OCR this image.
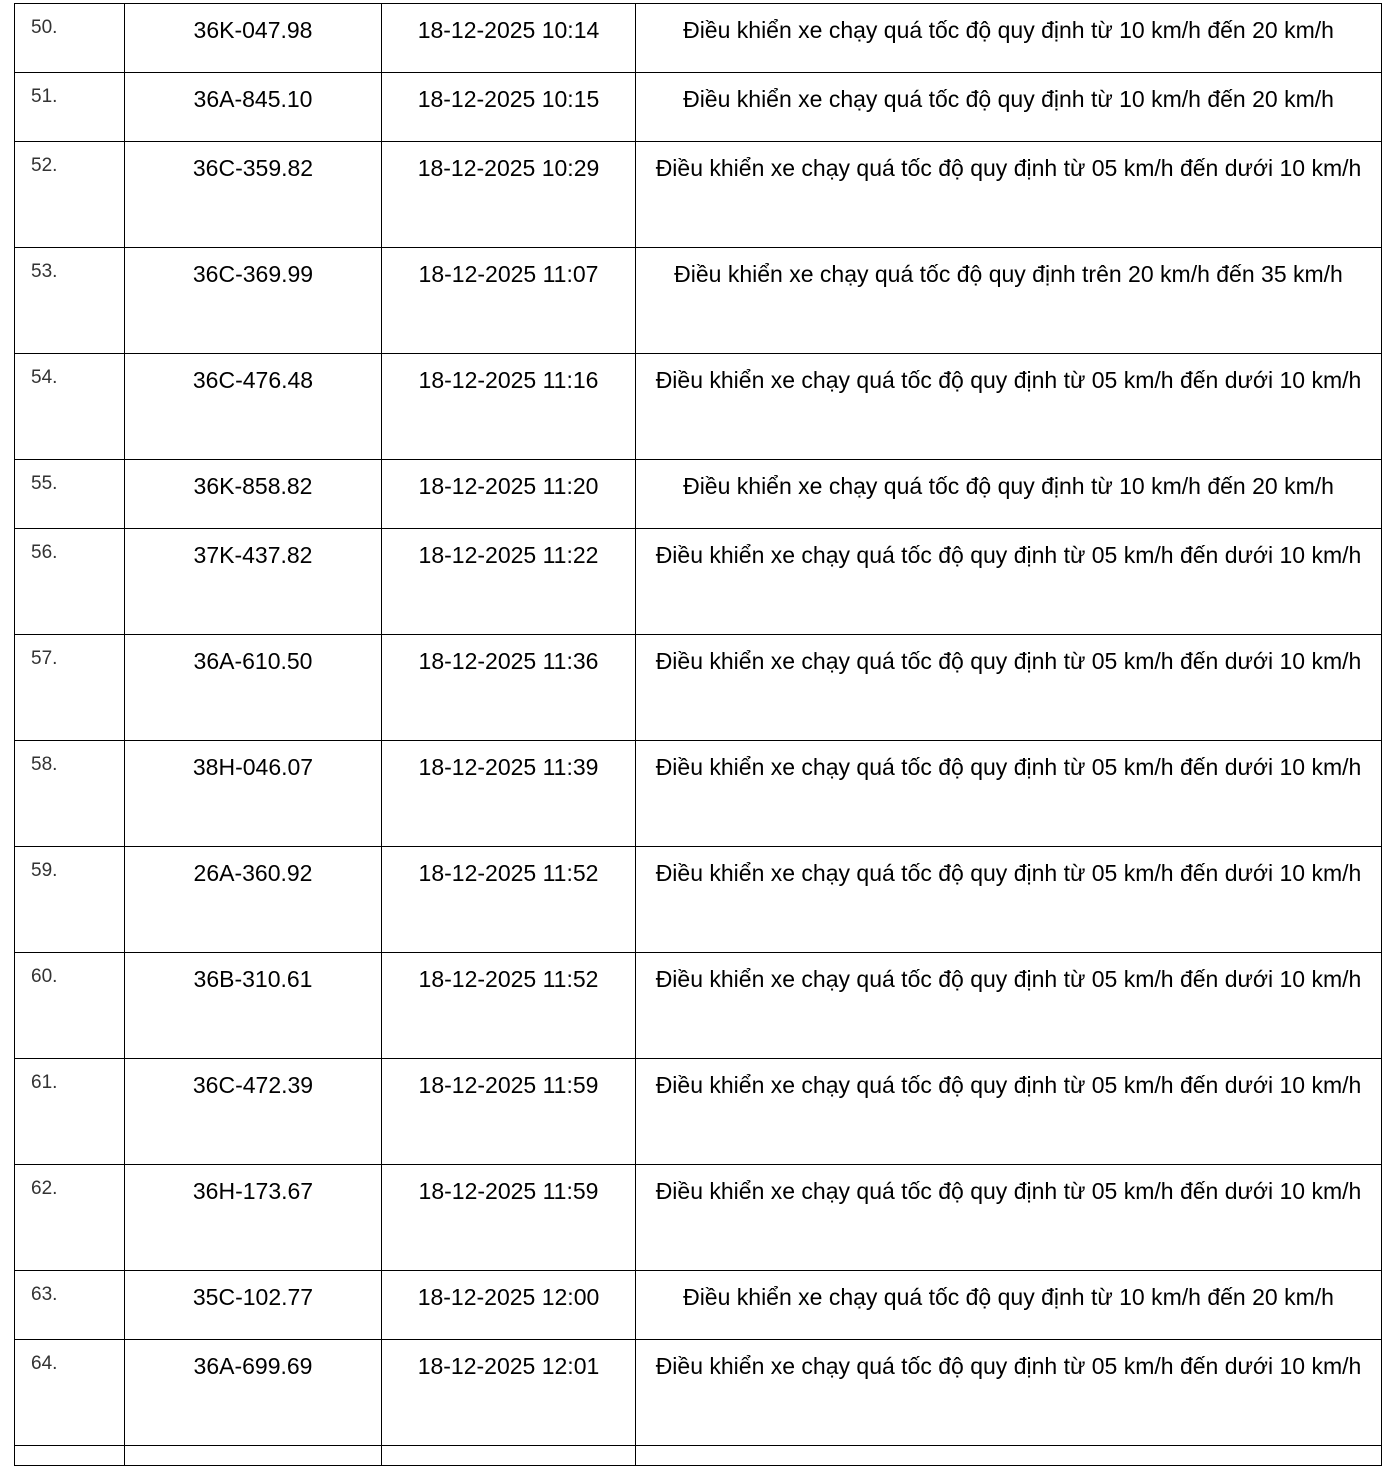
50.	36K-047.98	18-12-2025 10:14	Điều khiển xe chạy quá tốc độ quy định từ 10 km/h đến 20 km/h
51.	36A-845.10	18-12-2025 10:15	Điều khiển xe chạy quá tốc độ quy định từ 10 km/h đến 20 km/h
52.	36C-359.82	18-12-2025 10:29	Điều khiển xe chạy quá tốc độ quy định từ 05 km/h đến dưới 10 km/h
53.	36C-369.99	18-12-2025 11:07	Điều khiển xe chạy quá tốc độ quy định trên 20 km/h đến 35 km/h
54.	36C-476.48	18-12-2025 11:16	Điều khiển xe chạy quá tốc độ quy định từ 05 km/h đến dưới 10 km/h
55.	36K-858.82	18-12-2025 11:20	Điều khiển xe chạy quá tốc độ quy định từ 10 km/h đến 20 km/h
56.	37K-437.82	18-12-2025 11:22	Điều khiển xe chạy quá tốc độ quy định từ 05 km/h đến dưới 10 km/h
57.	36A-610.50	18-12-2025 11:36	Điều khiển xe chạy quá tốc độ quy định từ 05 km/h đến dưới 10 km/h
58.	38H-046.07	18-12-2025 11:39	Điều khiển xe chạy quá tốc độ quy định từ 05 km/h đến dưới 10 km/h
59.	26A-360.92	18-12-2025 11:52	Điều khiển xe chạy quá tốc độ quy định từ 05 km/h đến dưới 10 km/h
60.	36B-310.61	18-12-2025 11:52	Điều khiển xe chạy quá tốc độ quy định từ 05 km/h đến dưới 10 km/h
61.	36C-472.39	18-12-2025 11:59	Điều khiển xe chạy quá tốc độ quy định từ 05 km/h đến dưới 10 km/h
62.	36H-173.67	18-12-2025 11:59	Điều khiển xe chạy quá tốc độ quy định từ 05 km/h đến dưới 10 km/h
63.	35C-102.77	18-12-2025 12:00	Điều khiển xe chạy quá tốc độ quy định từ 10 km/h đến 20 km/h
64.	36A-699.69	18-12-2025 12:01	Điều khiển xe chạy quá tốc độ quy định từ 05 km/h đến dưới 10 km/h
